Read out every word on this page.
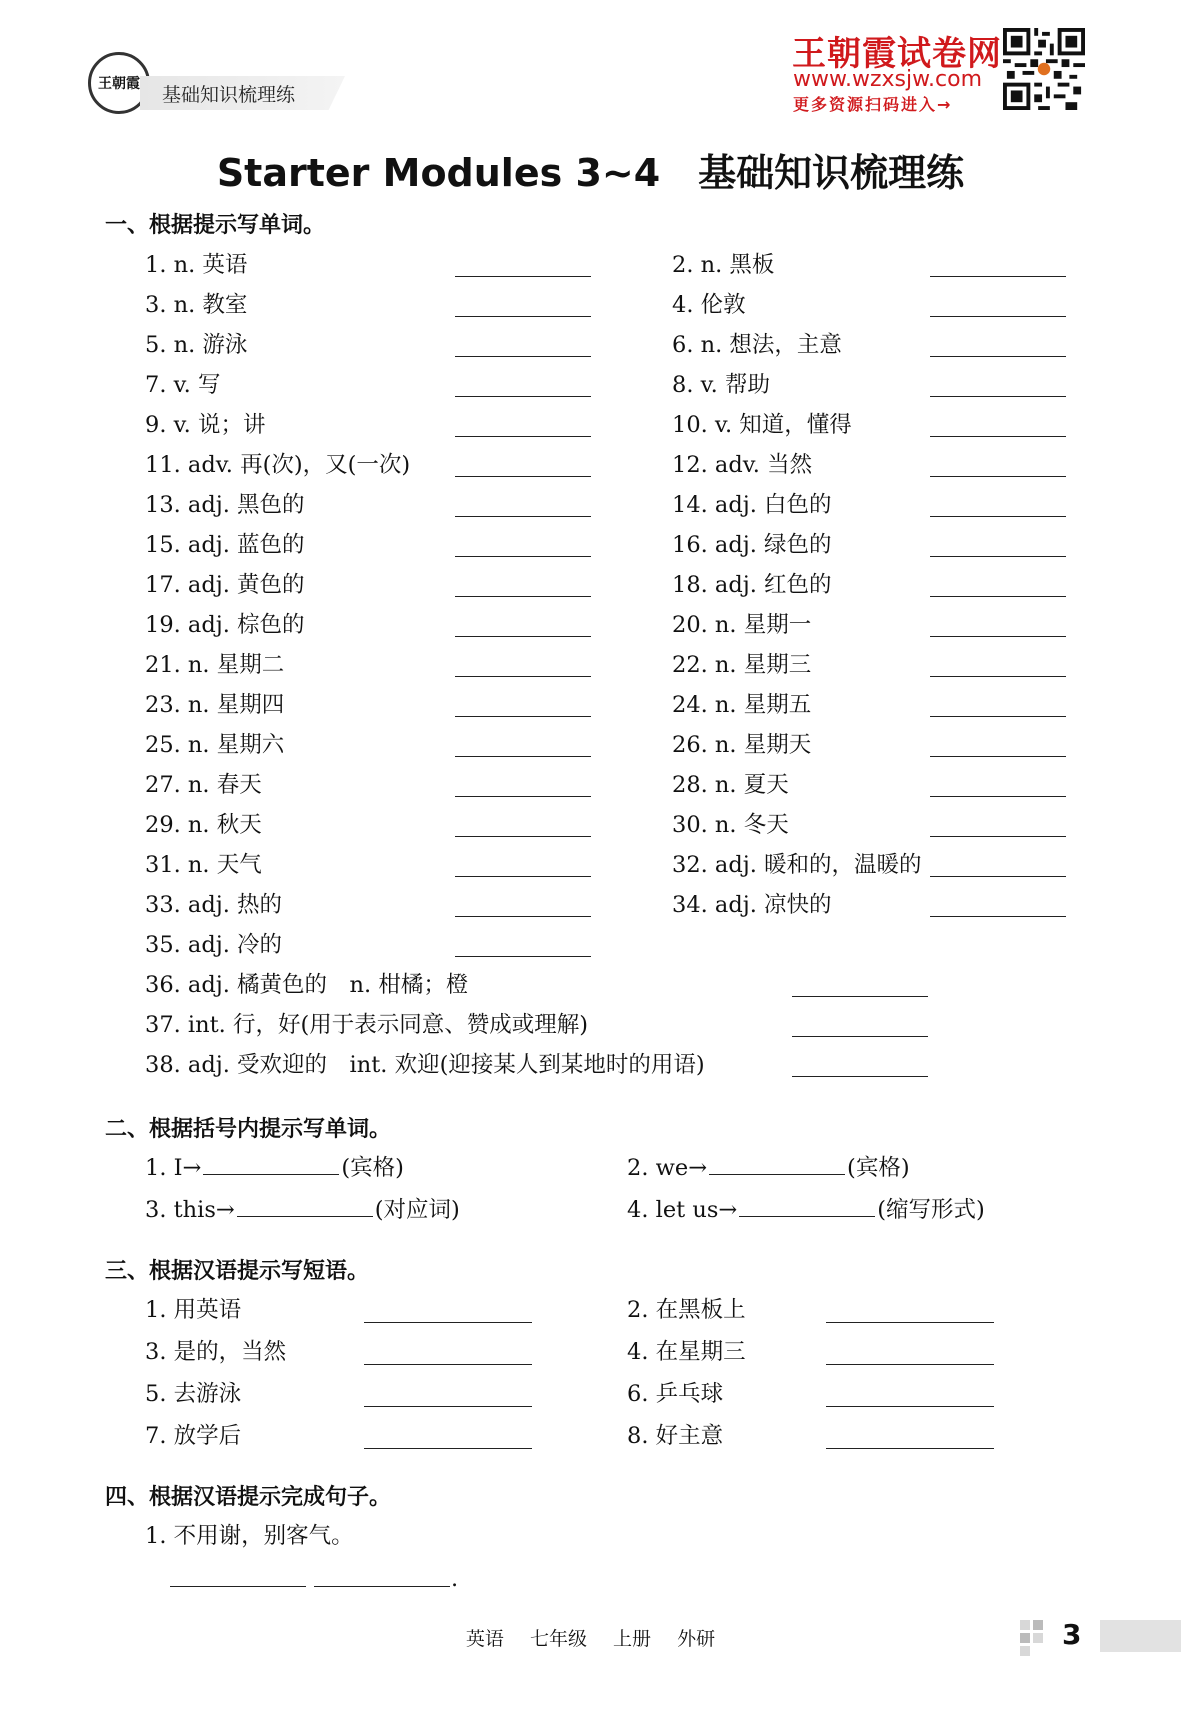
王朝霞 基础知识梳理练
王朝霞试卷网
www.wzxsjw.com
更多资源扫码进入→
Starter Modules 3~4　基础知识梳理练
一、根据提示写单词。
1. n. 英语	2. n. 黑板
3. n. 教室	4. 伦敦
5. n. 游泳	6. n. 想法，主意
7. v. 写	8. v. 帮助
9. v. 说；讲	10. v. 知道，懂得
11. adv. 再(次)，又(一次)	12. adv. 当然
13. adj. 黑色的	14. adj. 白色的
15. adj. 蓝色的	16. adj. 绿色的
17. adj. 黄色的	18. adj. 红色的
19. adj. 棕色的	20. n. 星期一
21. n. 星期二	22. n. 星期三
23. n. 星期四	24. n. 星期五
25. n. 星期六	26. n. 星期天
27. n. 春天	28. n. 夏天
29. n. 秋天	30. n. 冬天
31. n. 天气	32. adj. 暖和的，温暖的
33. adj. 热的	34. adj. 凉快的
35. adj. 冷的
36. adj. 橘黄色的　n. 柑橘；橙
37. int. 行，好(用于表示同意、赞成或理解)
38. adj. 受欢迎的　int. 欢迎(迎接某人到某地时的用语)
二、根据括号内提示写单词。
1. I→	(宾格)	2. we→	(宾格)
3. this→	(对应词)	4. let us→	(缩写形式)
三、根据汉语提示写短语。
1. 用英语	2. 在黑板上
3. 是的，当然	4. 在星期三
5. 去游泳	6. 乒乓球
7. 放学后	8. 好主意
四、根据汉语提示完成句子。
1. 不用谢，别客气。
.
英语 七年级 上册 外研	3
